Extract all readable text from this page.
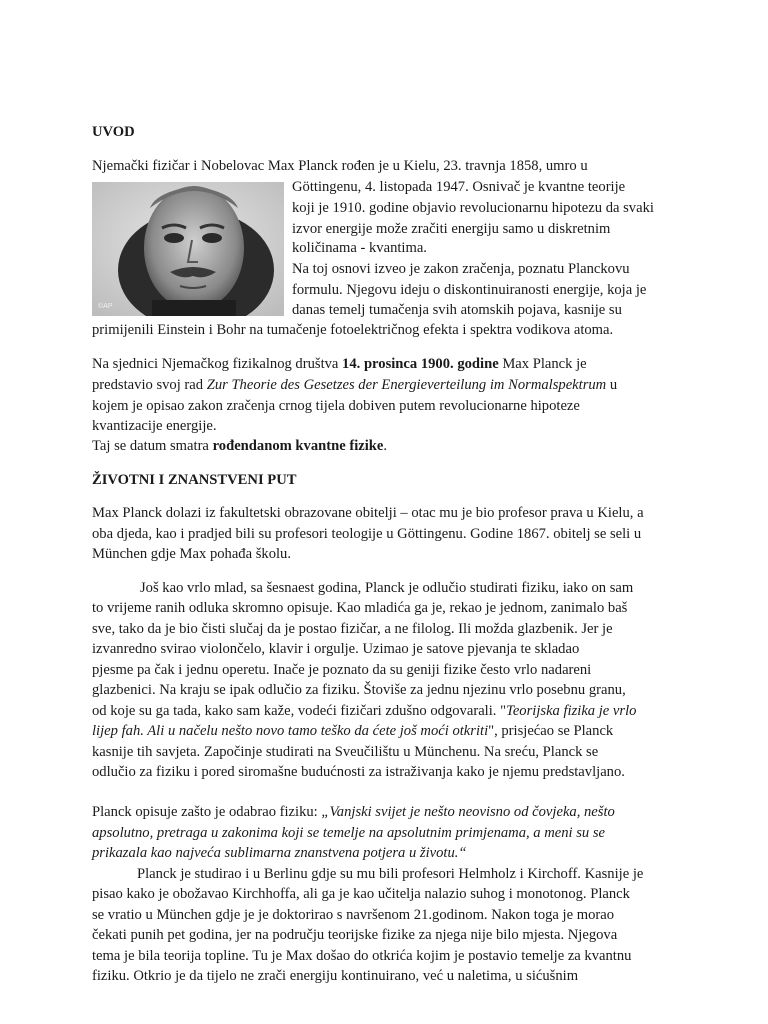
UVOD

Njemački fizičar i Nobelovac Max Planck rođen je u Kielu, 23. travnja 1858, umro u

©AP

Göttingenu, 4. listopada 1947. Osnivač je kvantne teorije

koji je 1910. godine objavio revolucionarnu hipotezu da svaki

izvor energije može zračiti energiju samo u diskretnim

količinama - kvantima.

Na toj osnovi izveo je zakon zračenja, poznatu Planckovu

formulu. Njegovu ideju o diskontinuiranosti energije, koja je

danas temelj tumačenja svih atomskih pojava, kasnije su

primijenili Einstein i Bohr na tumačenje fotoelektričnog efekta i spektra vodikova atoma.

Na sjednici Njemačkog fizikalnog društva 14. prosinca 1900. godine Max Planck je

predstavio svoj rad Zur Theorie des Gesetzes der Energieverteilung im Normalspektrum u

kojem je opisao zakon zračenja crnog tijela dobiven putem revolucionarne hipoteze

kvantizacije energije.

Taj se datum smatra rođendanom kvantne fizike.

ŽIVOTNI I ZNANSTVENI PUT

Max Planck dolazi iz fakultetski obrazovane obitelji – otac mu je bio profesor prava u Kielu, a

oba djeda, kao i pradjed bili su profesori teologije u Göttingenu. Godine 1867. obitelj se seli u

München gdje Max pohađa školu.

Još kao vrlo mlad, sa šesnaest godina, Planck je odlučio studirati fiziku, iako on sam

to vrijeme ranih odluka skromno opisuje. Kao mladića ga je, rekao je jednom, zanimalo baš

sve, tako da je bio čisti slučaj da je postao fizičar, a ne filolog. Ili možda glazbenik. Jer je

izvanredno svirao violončelo, klavir i orgulje. Uzimao je satove pjevanja te skladao

pjesme pa čak i jednu operetu. Inače je poznato da su geniji fizike često vrlo nadareni

glazbenici. Na kraju se ipak odlučio za fiziku. Štoviše za jednu njezinu vrlo posebnu granu,

od koje su ga tada, kako sam kaže, vodeći fizičari zdušno odgovarali. "Teorijska fizika je vrlo

lijep fah. Ali u načelu nešto novo tamo teško da ćete još moći otkriti", prisjećao se Planck

kasnije tih savjeta. Započinje studirati na Sveučilištu u Münchenu. Na sreću, Planck se

odlučio za fiziku i pored siromašne budućnosti za istraživanja kako je njemu predstavljano.

Planck opisuje zašto je odabrao fiziku: „Vanjski svijet je nešto neovisno od čovjeka, nešto

apsolutno, pretraga u zakonima koji se temelje na apsolutnim primjenama, a meni su se

prikazala kao najveća sublimarna znanstvena potjera u životu.“

Planck je studirao i u Berlinu gdje su mu bili profesori Helmholz i Kirchoff. Kasnije je

pisao kako je obožavao Kirchhoffa, ali ga je kao učitelja nalazio suhog i monotonog. Planck

se vratio u München gdje je je doktorirao s navršenom 21.godinom. Nakon toga je morao

čekati punih pet godina, jer na području teorijske fizike za njega nije bilo mjesta. Njegova

tema je bila teorija topline. Tu je Max došao do otkrića kojim je postavio temelje za kvantnu

fiziku. Otkrio je da tijelo ne zrači energiju kontinuirano, već u naletima, u sićušnim
